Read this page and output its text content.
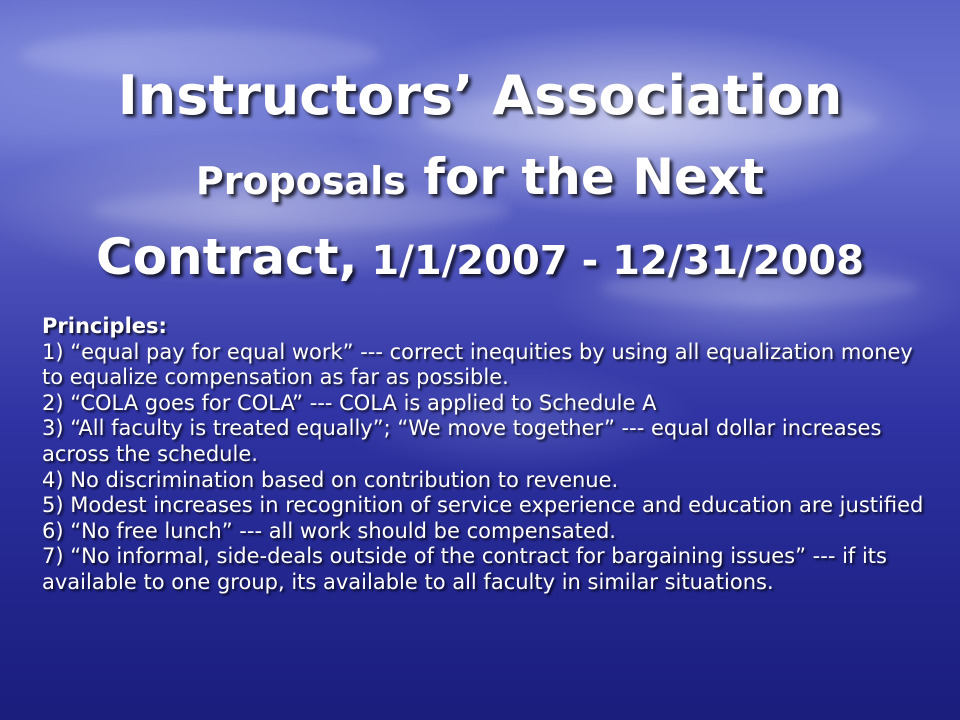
Instructors’ Association
Proposals for the Next
Contract, 1/1/2007 - 12/31/2008

Principles:

1) “equal pay for equal work” --- correct inequities by using all equalization money to equalize compensation as far as possible.

2) “COLA goes for COLA” --- COLA is applied to Schedule A

3) “All faculty is treated equally”; “We move together” --- equal dollar increases across the schedule.

4) No discrimination based on contribution to revenue.

5) Modest increases in recognition of service experience and education are justified

6) “No free lunch” --- all work should be compensated.

7) “No informal, side-deals outside of the contract for bargaining issues” --- if its available to one group, its available to all faculty in similar situations.
